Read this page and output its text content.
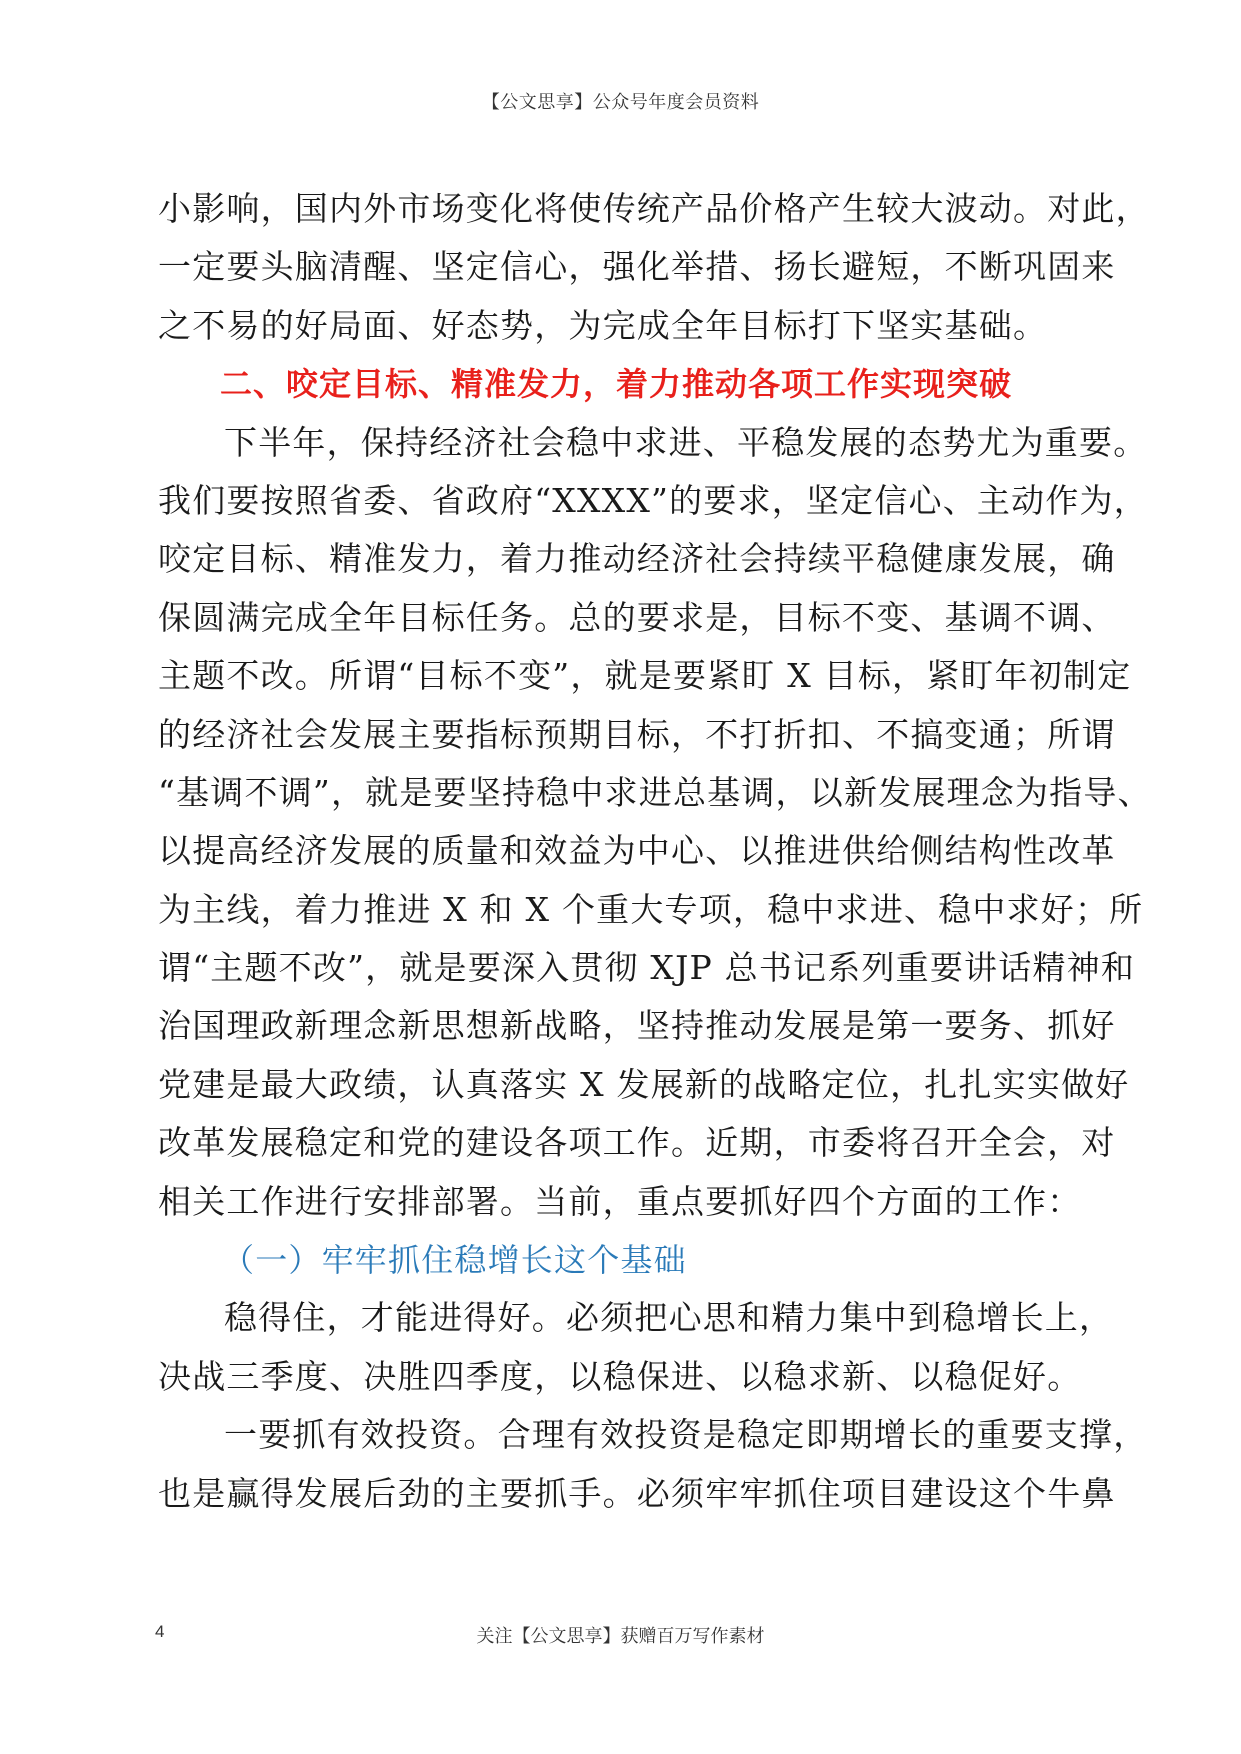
【公文思享】公众号年度会员资料
小影响，国内外市场变化将使传统产品价格产生较大波动。对此，
一定要头脑清醒、坚定信心，强化举措、扬长避短，不断巩固来
之不易的好局面、好态势，为完成全年目标打下坚实基础。
二、咬定目标、精准发力，着力推动各项工作实现突破
下半年，保持经济社会稳中求进、平稳发展的态势尤为重要。
我们要按照省委、省政府“XXXX”的要求，坚定信心、主动作为，
咬定目标、精准发力，着力推动经济社会持续平稳健康发展，确
保圆满完成全年目标任务。总的要求是，目标不变、基调不调、
主题不改。所谓“目标不变”，就是要紧盯 X 目标，紧盯年初制定
的经济社会发展主要指标预期目标，不打折扣、不搞变通；所谓
“基调不调”，就是要坚持稳中求进总基调，以新发展理念为指导、
以提高经济发展的质量和效益为中心、以推进供给侧结构性改革
为主线，着力推进 X 和 X 个重大专项，稳中求进、稳中求好；所
谓“主题不改”，就是要深入贯彻 XJP 总书记系列重要讲话精神和
治国理政新理念新思想新战略，坚持推动发展是第一要务、抓好
党建是最大政绩，认真落实 X 发展新的战略定位，扎扎实实做好
改革发展稳定和党的建设各项工作。近期，市委将召开全会，对
相关工作进行安排部署。当前，重点要抓好四个方面的工作：
（一）牢牢抓住稳增长这个基础
稳得住，才能进得好。必须把心思和精力集中到稳增长上，
决战三季度、决胜四季度，以稳保进、以稳求新、以稳促好。
一要抓有效投资。合理有效投资是稳定即期增长的重要支撑，
也是赢得发展后劲的主要抓手。必须牢牢抓住项目建设这个牛鼻
4	关注【公文思享】获赠百万写作素材
